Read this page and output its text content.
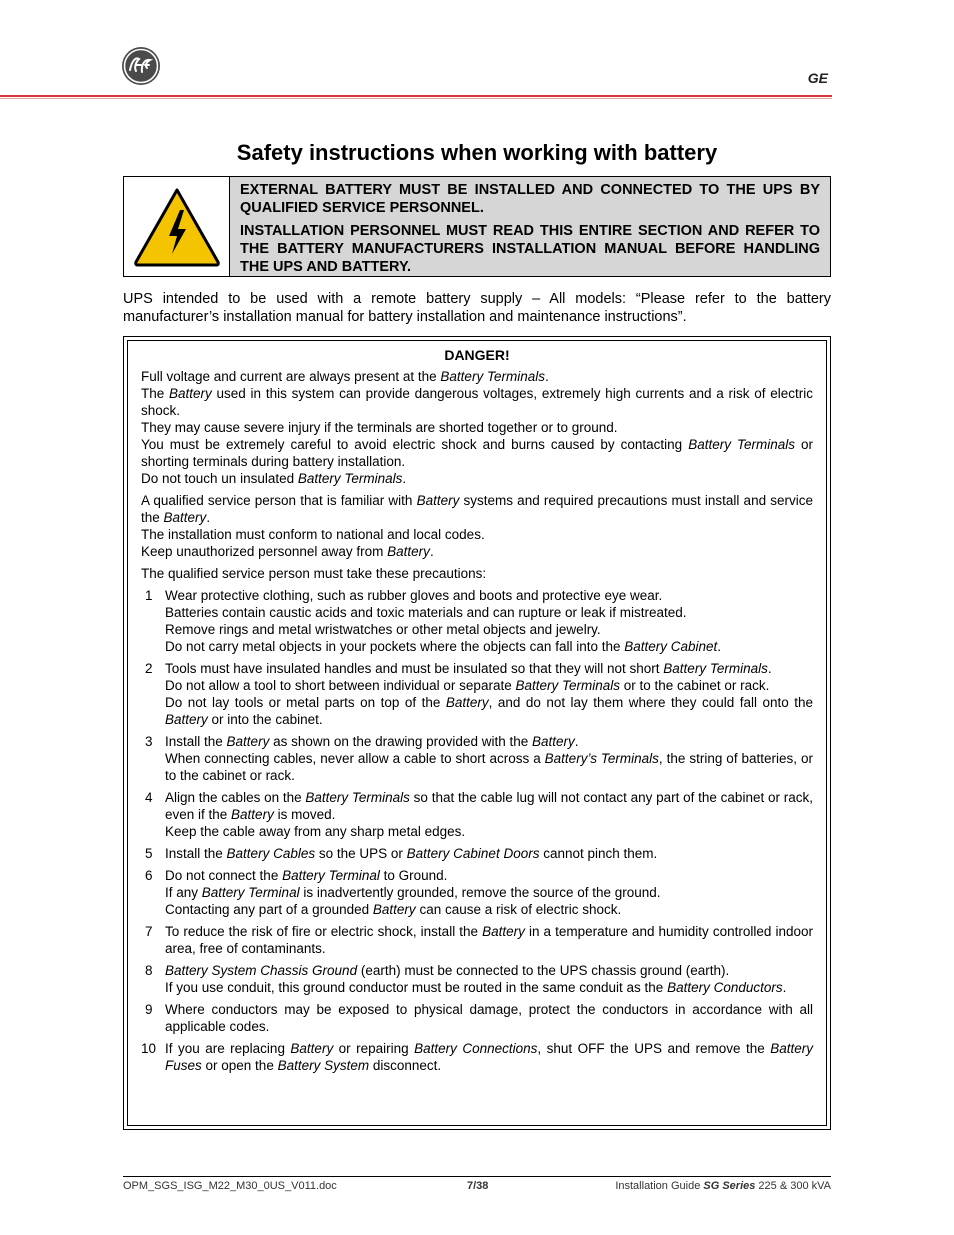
GE
Safety instructions when working with battery

EXTERNAL BATTERY MUST BE INSTALLED AND CONNECTED TO THE UPS BY QUALIFIED SERVICE PERSONNEL.

INSTALLATION PERSONNEL MUST READ THIS ENTIRE SECTION AND REFER TO THE BATTERY MANUFACTURERS INSTALLATION MANUAL BEFORE HANDLING THE UPS AND BATTERY.

UPS intended to be used with a remote battery supply – All models: “Please refer to the battery manufacturer’s installation manual for battery installation and maintenance instructions”.
DANGER!

Full voltage and current are always present at the Battery Terminals.

The Battery used in this system can provide dangerous voltages, extremely high currents and a risk of electric shock.

They may cause severe injury if the terminals are shorted together or to ground.

You must be extremely careful to avoid electric shock and burns caused by contacting Battery Terminals or shorting terminals during battery installation.

Do not touch un insulated Battery Terminals.

A qualified service person that is familiar with Battery systems and required precautions must install and service the Battery.

The installation must conform to national and local codes.

Keep unauthorized personnel away from Battery.

The qualified service person must take these precautions:

1 Wear protective clothing, such as rubber gloves and boots and protective eye wear.

Batteries contain caustic acids and toxic materials and can rupture or leak if mistreated.

Remove rings and metal wristwatches or other metal objects and jewelry.

Do not carry metal objects in your pockets where the objects can fall into the Battery Cabinet.

2 Tools must have insulated handles and must be insulated so that they will not short Battery Terminals.

Do not allow a tool to short between individual or separate Battery Terminals or to the cabinet or rack.

Do not lay tools or metal parts on top of the Battery, and do not lay them where they could fall onto the Battery or into the cabinet.

3 Install the Battery as shown on the drawing provided with the Battery.

When connecting cables, never allow a cable to short across a Battery’s Terminals, the string of batteries, or to the cabinet or rack.

4 Align the cables on the Battery Terminals so that the cable lug will not contact any part of the cabinet or rack, even if the Battery is moved.

Keep the cable away from any sharp metal edges.

5 Install the Battery Cables so the UPS or Battery Cabinet Doors cannot pinch them.

6 Do not connect the Battery Terminal to Ground.

If any Battery Terminal is inadvertently grounded, remove the source of the ground.

Contacting any part of a grounded Battery can cause a risk of electric shock.

7 To reduce the risk of fire or electric shock, install the Battery in a temperature and humidity controlled indoor area, free of contaminants.

8 Battery System Chassis Ground (earth) must be connected to the UPS chassis ground (earth).

If you use conduit, this ground conductor must be routed in the same conduit as the Battery Conductors.

9 Where conductors may be exposed to physical damage, protect the conductors in accordance with all applicable codes.

10 If you are replacing Battery or repairing Battery Connections, shut OFF the UPS and remove the Battery Fuses or open the Battery System disconnect.

OPM_SGS_ISG_M22_M30_0US_V011.doc	7/38	Installation Guide SG Series 225 & 300 kVA
